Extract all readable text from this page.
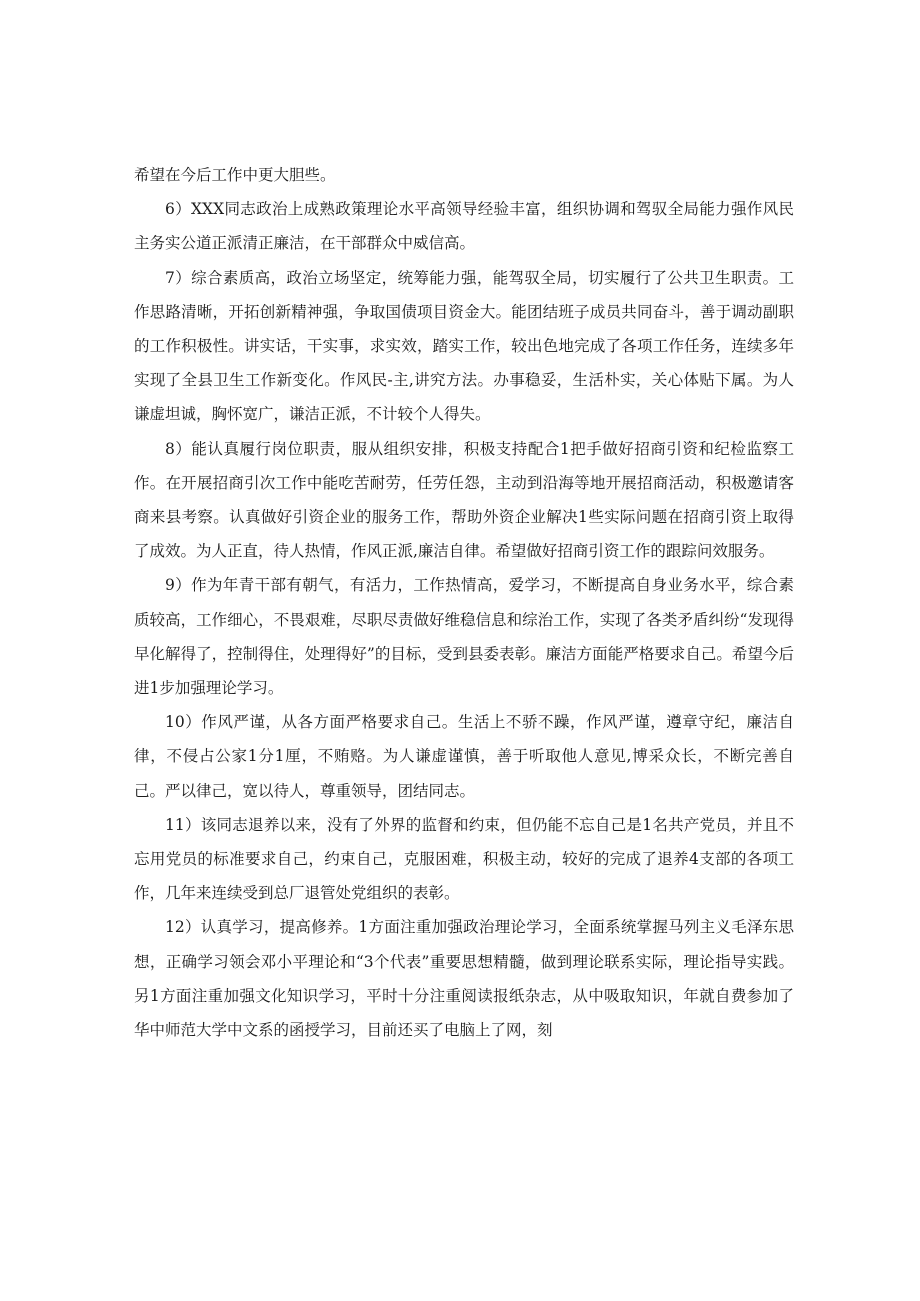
希望在今后工作中更大胆些。

6）XXX同志政治上成熟政策理论水平高领导经验丰富，组织协调和驾驭全局能力强作风民主务实公道正派清正廉洁，在干部群众中威信高。

7）综合素质高，政治立场坚定，统筹能力强，能驾驭全局，切实履行了公共卫生职责。工作思路清晰，开拓创新精神强，争取国债项目资金大。能团结班子成员共同奋斗，善于调动副职的工作积极性。讲实话，干实事，求实效，踏实工作，较出色地完成了各项工作任务，连续多年实现了全县卫生工作新变化。作风民-主,讲究方法。办事稳妥，生活朴实，关心体贴下属。为人谦虚坦诚，胸怀宽广，谦洁正派，不计较个人得失。

8）能认真履行岗位职责，服从组织安排，积极支持配合1把手做好招商引资和纪检监察工作。在开展招商引次工作中能吃苦耐劳，任劳任怨，主动到沿海等地开展招商活动，积极邀请客商来县考察。认真做好引资企业的服务工作，帮助外资企业解决1些实际问题在招商引资上取得了成效。为人正直，待人热情，作风正派,廉洁自律。希望做好招商引资工作的跟踪问效服务。

9）作为年青干部有朝气，有活力，工作热情高，爱学习，不断提高自身业务水平，综合素质较高，工作细心，不畏艰难，尽职尽责做好维稳信息和综治工作，实现了各类矛盾纠纷“发现得早化解得了，控制得住，处理得好”的目标，受到县委表彰。廉洁方面能严格要求自己。希望今后进1步加强理论学习。

10）作风严谨，从各方面严格要求自己。生活上不骄不躁，作风严谨，遵章守纪，廉洁自律，不侵占公家1分1厘，不贿赂。为人谦虚谨慎，善于听取他人意见,博采众长，不断完善自己。严以律己，宽以待人，尊重领导，团结同志。

11）该同志退养以来，没有了外界的监督和约束，但仍能不忘自己是1名共产党员，并且不忘用党员的标准要求自己，约束自己，克服困难，积极主动，较好的完成了退养4支部的各项工作，几年来连续受到总厂退管处党组织的表彰。

12）认真学习，提高修养。1方面注重加强政治理论学习，全面系统掌握马列主义毛泽东思想，正确学习领会邓小平理论和“3个代表”重要思想精髓，做到理论联系实际，理论指导实践。另1方面注重加强文化知识学习，平时十分注重阅读报纸杂志，从中吸取知识，年就自费参加了华中师范大学中文系的函授学习，目前还买了电脑上了网，刻
